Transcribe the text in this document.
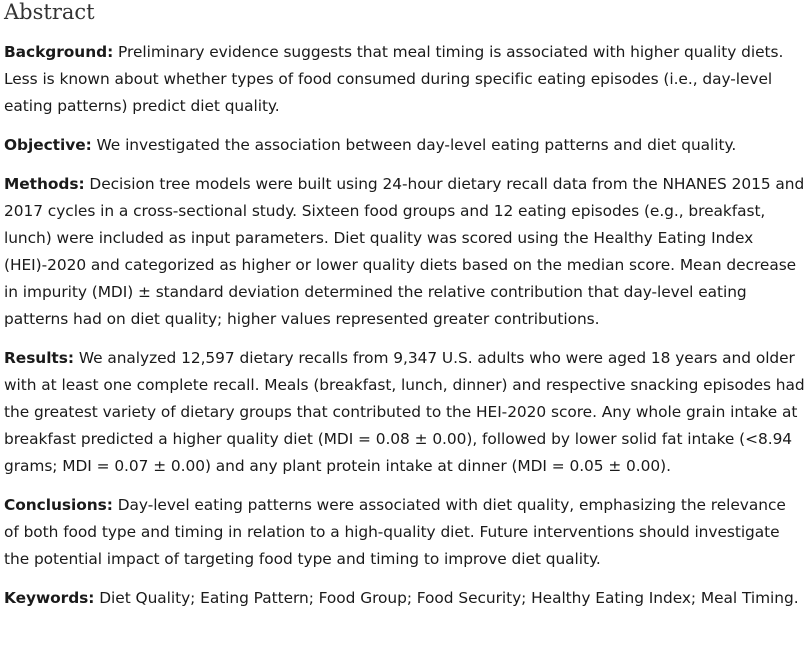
Abstract

Background: Preliminary evidence suggests that meal timing is associated with higher quality diets. Less is known about whether types of food consumed during specific eating episodes (i.e., day-level eating patterns) predict diet quality.

Objective: We investigated the association between day-level eating patterns and diet quality.

Methods: Decision tree models were built using 24-hour dietary recall data from the NHANES 2015 and 2017 cycles in a cross-sectional study. Sixteen food groups and 12 eating episodes (e.g., breakfast, lunch) were included as input parameters. Diet quality was scored using the Healthy Eating Index (HEI)-2020 and categorized as higher or lower quality diets based on the median score. Mean decrease in impurity (MDI) ± standard deviation determined the relative contribution that day-level eating patterns had on diet quality; higher values represented greater contributions.

Results: We analyzed 12,597 dietary recalls from 9,347 U.S. adults who were aged 18 years and older with at least one complete recall. Meals (breakfast, lunch, dinner) and respective snacking episodes had the greatest variety of dietary groups that contributed to the HEI-2020 score. Any whole grain intake at breakfast predicted a higher quality diet (MDI = 0.08 ± 0.00), followed by lower solid fat intake (<8.94 grams; MDI = 0.07 ± 0.00) and any plant protein intake at dinner (MDI = 0.05 ± 0.00).

Conclusions: Day-level eating patterns were associated with diet quality, emphasizing the relevance of both food type and timing in relation to a high-quality diet. Future interventions should investigate the potential impact of targeting food type and timing to improve diet quality.

Keywords: Diet Quality; Eating Pattern; Food Group; Food Security; Healthy Eating Index; Meal Timing.
